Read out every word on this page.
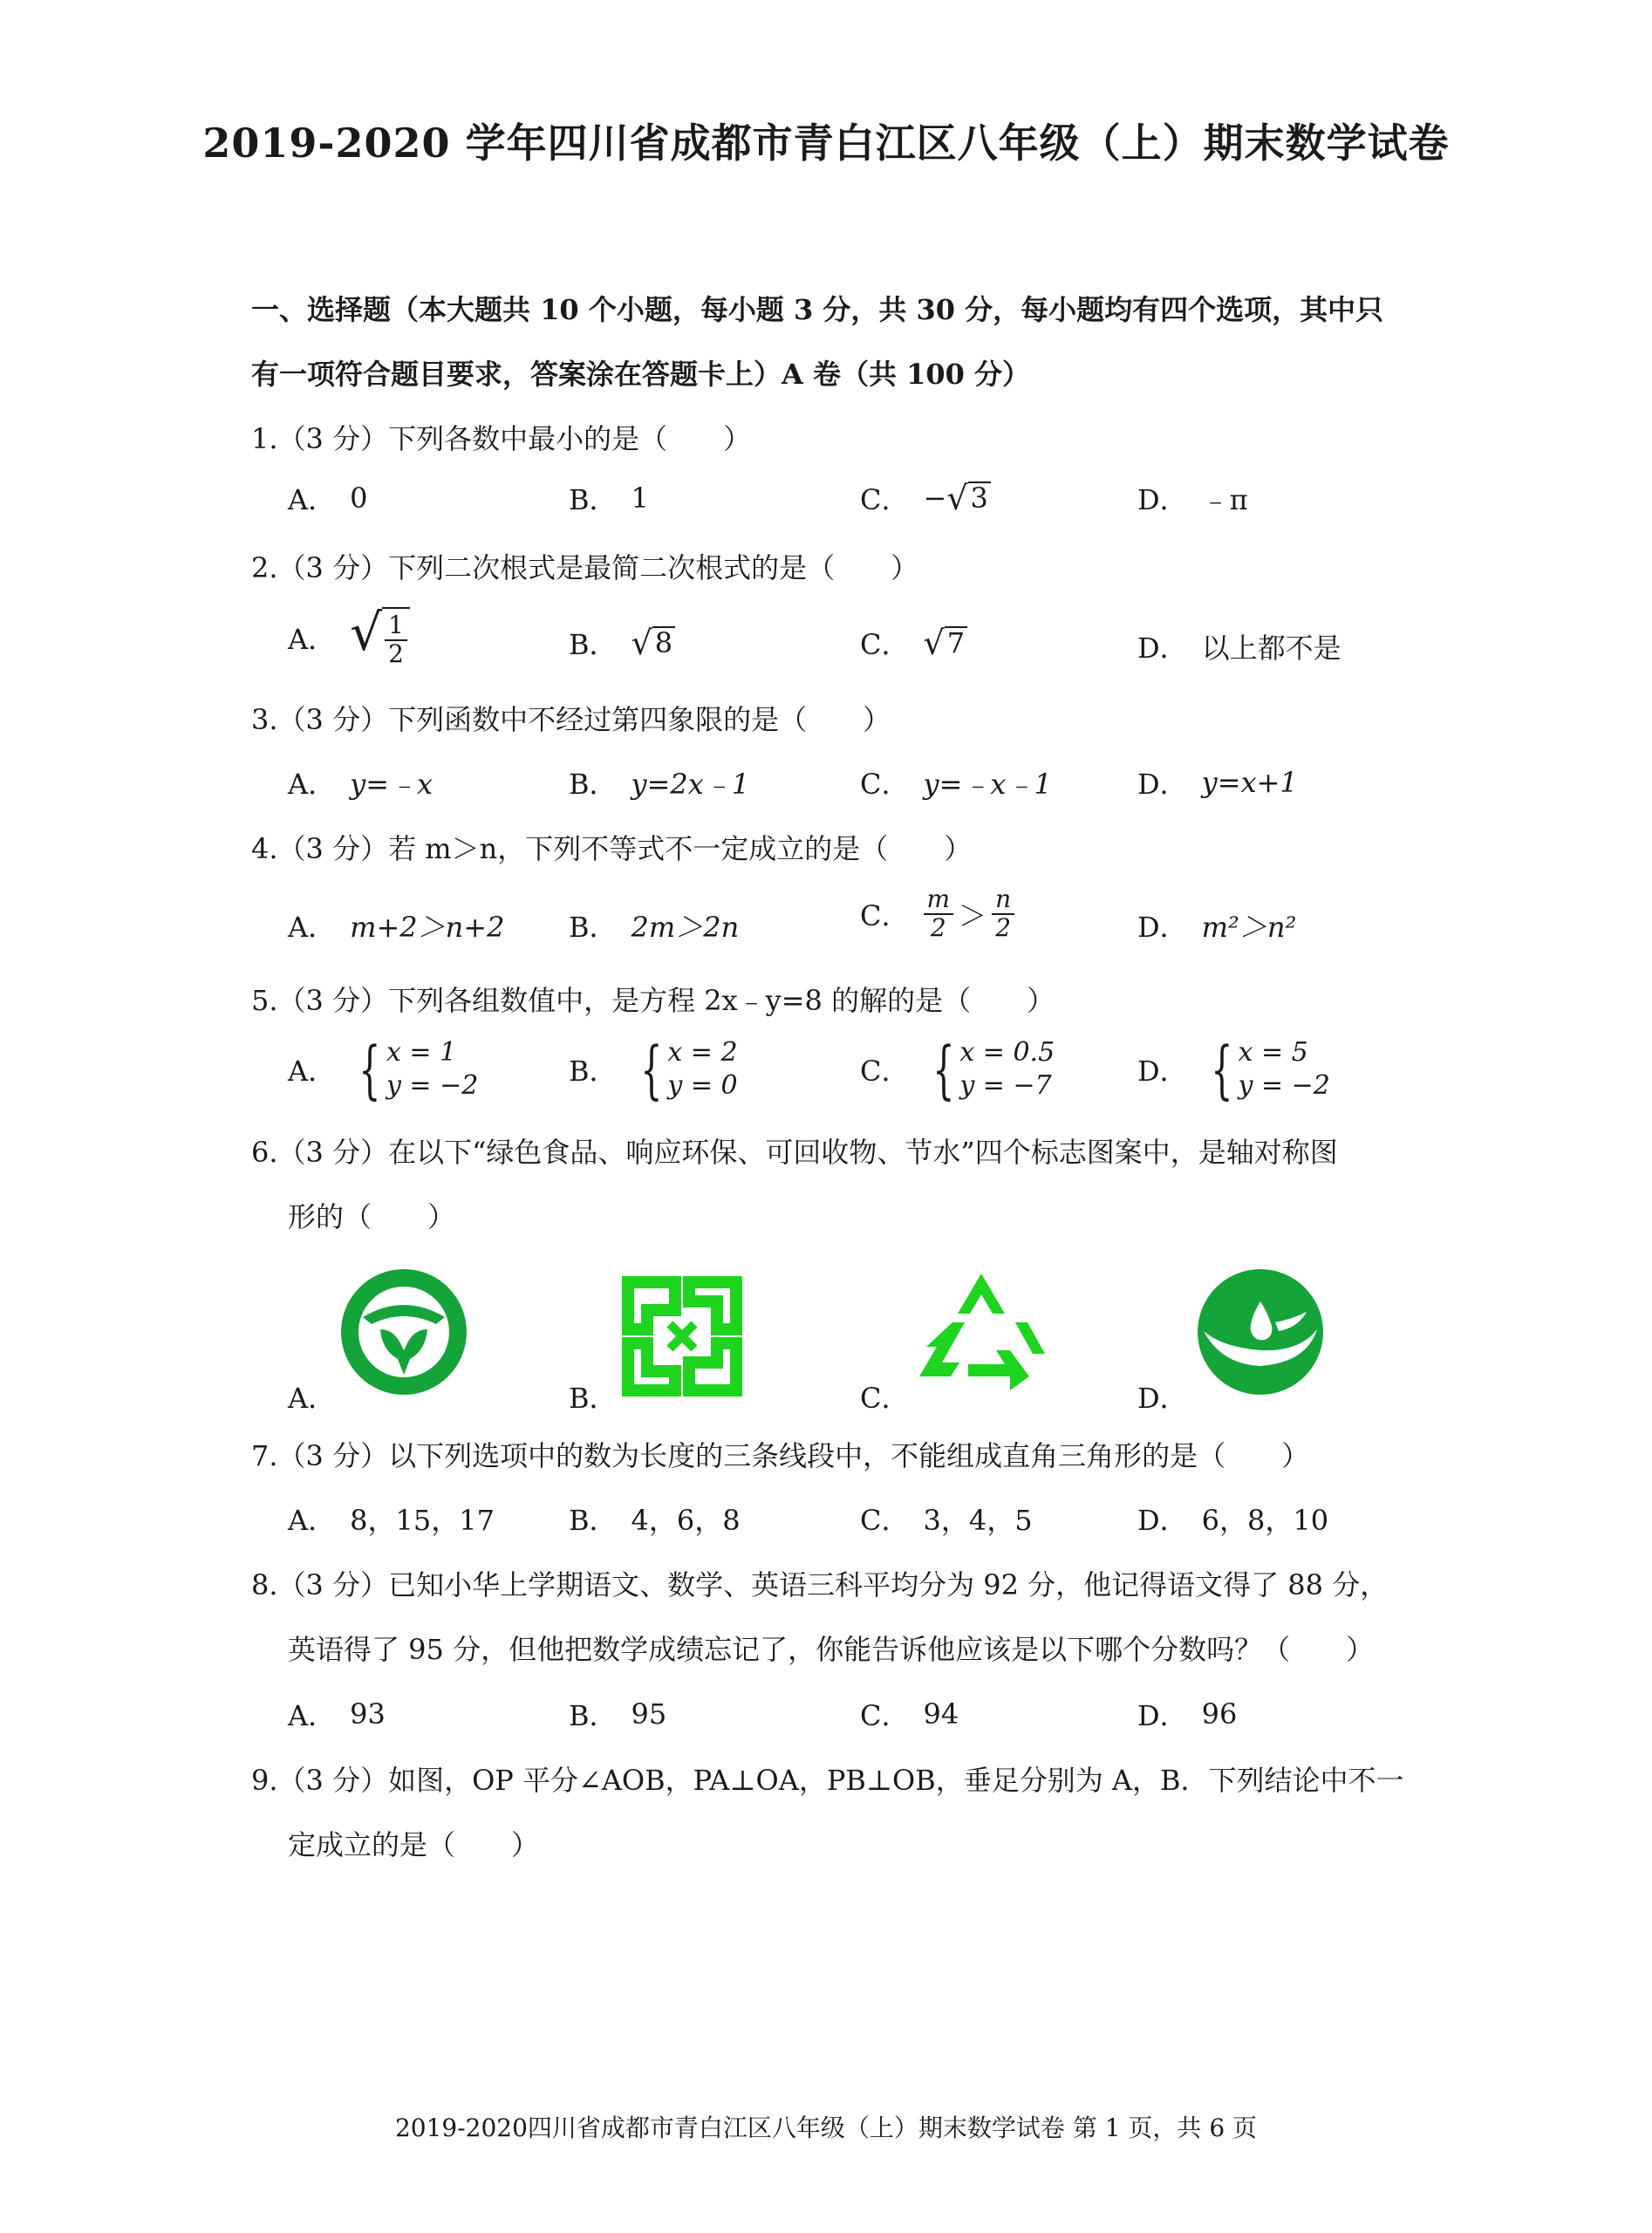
2019-2020 学年四川省成都市青白江区八年级（上）期末数学试卷
一、选择题（本大题共 10 个小题，每小题 3 分，共 30 分，每小题均有四个选项，其中只
有一项符合题目要求，答案涂在答题卡上）A 卷（共 100 分）
1.（3 分）下列各数中最小的是（　　）
A． 0	B． 1	C． − √ 3	D． ﹣π
2.（3 分）下列二次根式是最简二次根式的是（　　）
A． √ $\frac{1}{2}$	B． √ 8	C． √ 7	D． 以上都不是
3.（3 分）下列函数中不经过第四象限的是（　　）
A． y=﹣x	B． y=2x﹣1	C． y=﹣x﹣1	D． y=x+1
4.（3 分）若 m＞n，下列不等式不一定成立的是（　　）
A． m+2＞n+2 B． 2m＞2n	C． $\frac{m}{2} > \frac{n}{2}$	D． m²＞n²
5.（3 分）下列各组数值中，是方程 2x﹣y=8 的解的是（　　）
A． { x = 1
y = −2	B． { x = 2
y = 0	C． { x = 0.5
y = −7	D． { x = 5
y = −2
6.（3 分）在以下“绿色食品、响应环保、可回收物、节水”四个标志图案中，是轴对称图
形的（　　）
A．	B．	C．	D．
7.（3 分）以下列选项中的数为长度的三条线段中，不能组成直角三角形的是（　　）
A． 8，15，17	B． 4，6，8	C． 3，4，5	D． 6，8，10
8.（3 分）已知小华上学期语文、数学、英语三科平均分为 92 分，他记得语文得了 88 分，
英语得了 95 分，但他把数学成绩忘记了，你能告诉他应该是以下哪个分数吗？（　　）
A． 93	B． 95	C． 94	D． 96
9.（3 分）如图，OP 平分∠AOB，PA⊥OA，PB⊥OB，垂足分别为 A，B．下列结论中不一
定成立的是（　　）
2019-2020四川省成都市青白江区八年级（上）期末数学试卷 第 1 页，共 6 页
